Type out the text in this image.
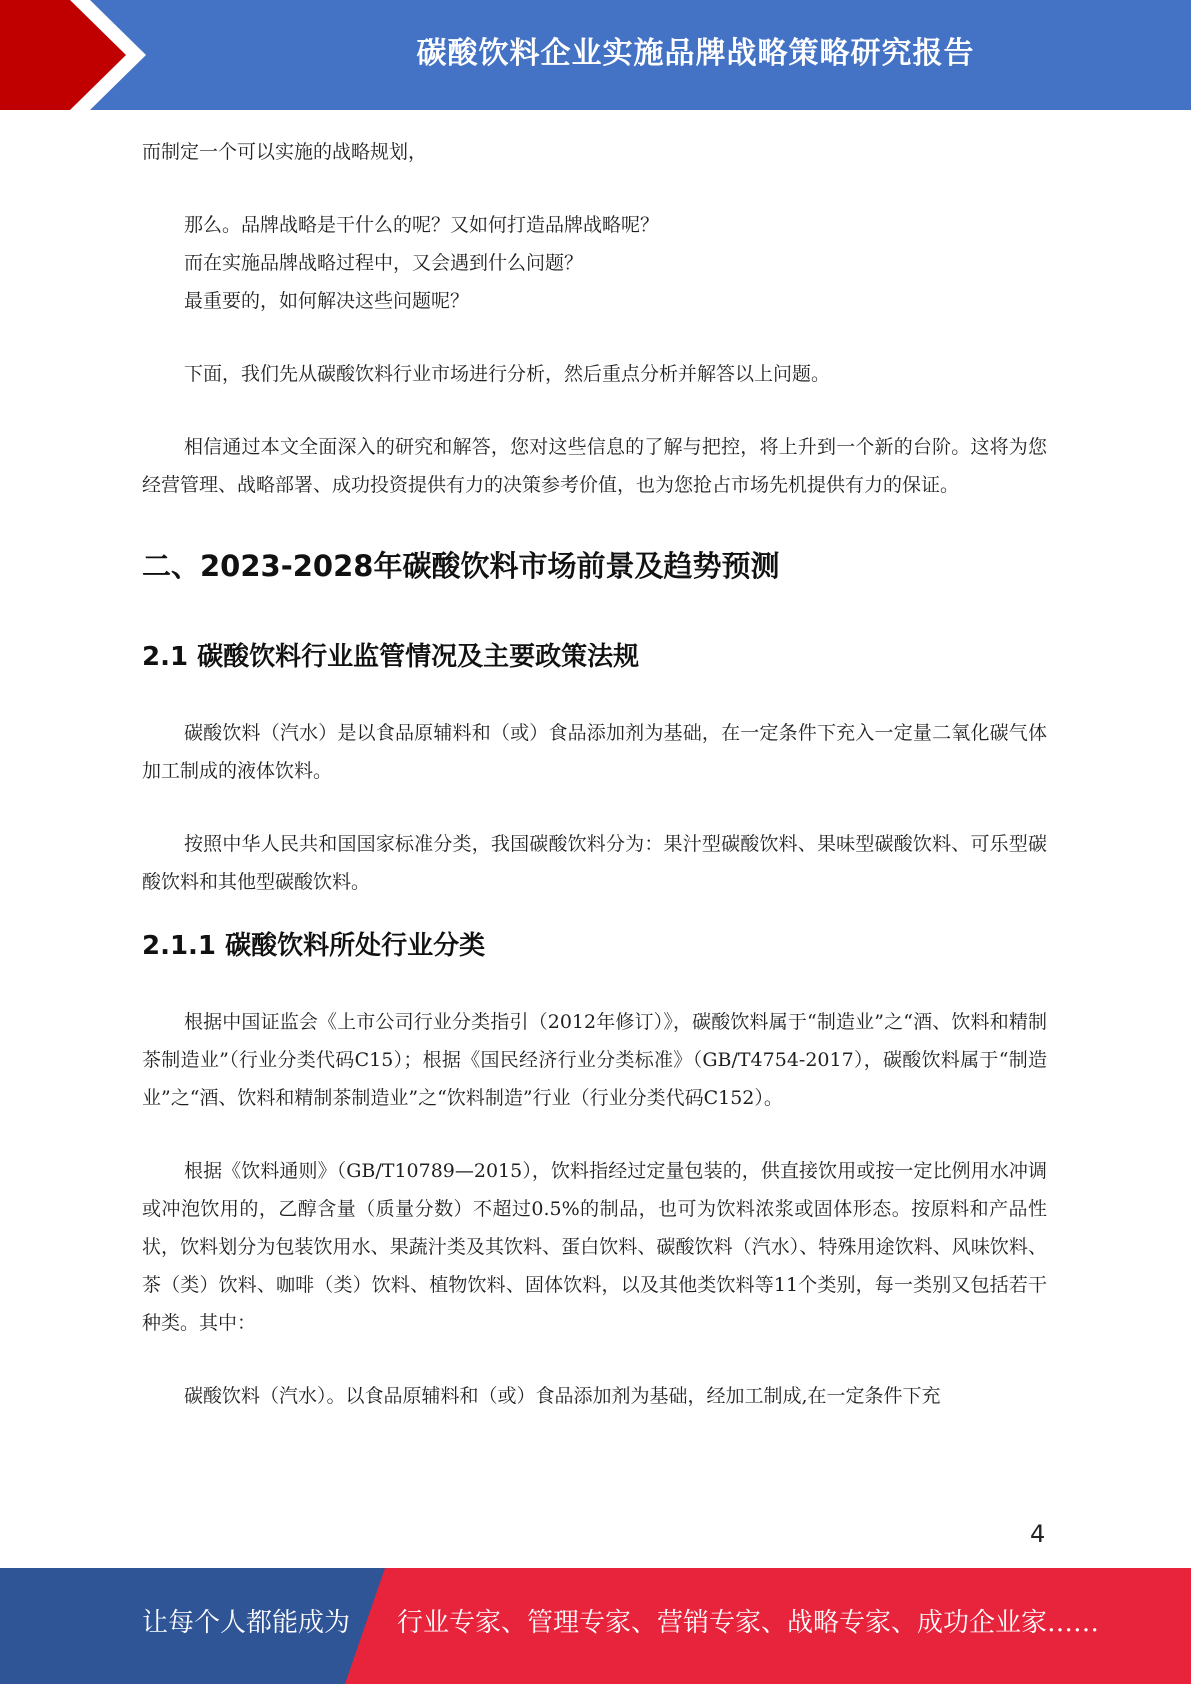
碳酸饮料企业实施品牌战略策略研究报告

而制定一个可以实施的战略规划，

那么。品牌战略是干什么的呢？又如何打造品牌战略呢？
而在实施品牌战略过程中，又会遇到什么问题？
最重要的，如何解决这些问题呢？

下面，我们先从碳酸饮料行业市场进行分析，然后重点分析并解答以上问题。

相信通过本文全面深入的研究和解答，您对这些信息的了解与把控，将上升到一个新的台阶。这将为您经营管理、战略部署、成功投资提供有力的决策参考价值，也为您抢占市场先机提供有力的保证。

二、2023-2028年碳酸饮料市场前景及趋势预测
2.1 碳酸饮料行业监管情况及主要政策法规

碳酸饮料（汽水）是以食品原辅料和（或）食品添加剂为基础，在一定条件下充入一定量二氧化碳气体加工制成的液体饮料。

按照中华人民共和国国家标准分类，我国碳酸饮料分为：果汁型碳酸饮料、果味型碳酸饮料、可乐型碳酸饮料和其他型碳酸饮料。

2.1.1 碳酸饮料所处行业分类

根据中国证监会《上市公司行业分类指引（2012年修订）》，碳酸饮料属于“制造业”之“酒、饮料和精制茶制造业”（行业分类代码C15）；根据《国民经济行业分类标准》（GB/T4754-2017），碳酸饮料属于“制造业”之“酒、饮料和精制茶制造业”之“饮料制造”行业（行业分类代码C152）。

根据《饮料通则》（GB/T10789—2015），饮料指经过定量包装的，供直接饮用或按一定比例用水冲调或冲泡饮用的，乙醇含量（质量分数）不超过0.5%的制品，也可为饮料浓浆或固体形态。按原料和产品性状，饮料划分为包装饮用水、果蔬汁类及其饮料、蛋白饮料、碳酸饮料（汽水）、特殊用途饮料、风味饮料、茶（类）饮料、咖啡（类）饮料、植物饮料、固体饮料，以及其他类饮料等11个类别，每一类别又包括若干种类。其中：

碳酸饮料（汽水）。以食品原辅料和（或）食品添加剂为基础，经加工制成,在一定条件下充

4
让每个人都能成为 行业专家、管理专家、营销专家、战略专家、成功企业家……
